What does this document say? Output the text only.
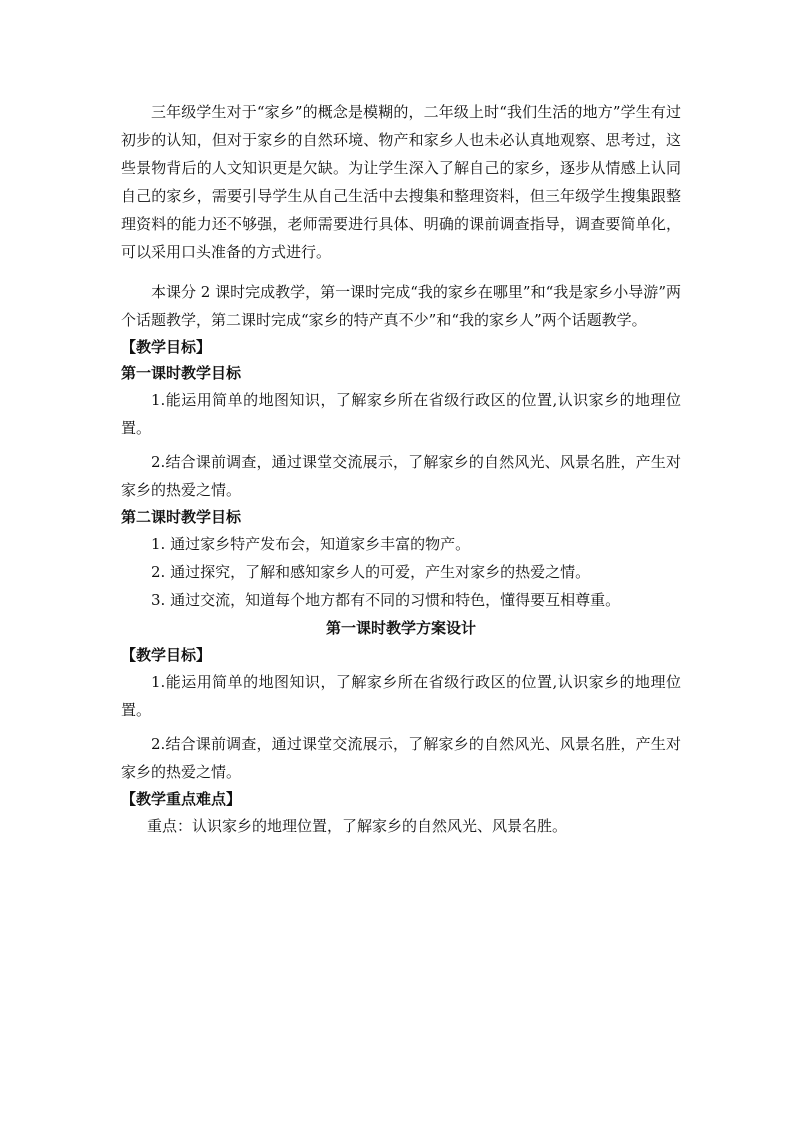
三年级学生对于“家乡”的概念是模糊的，二年级上时“我们生活的地方”学生有过初步的认知，但对于家乡的自然环境、物产和家乡人也未必认真地观察、思考过，这些景物背后的人文知识更是欠缺。为让学生深入了解自己的家乡，逐步从情感上认同自己的家乡，需要引导学生从自己生活中去搜集和整理资料，但三年级学生搜集跟整理资料的能力还不够强，老师需要进行具体、明确的课前调查指导，调查要简单化，可以采用口头准备的方式进行。

本课分 2 课时完成教学，第一课时完成“我的家乡在哪里”和“我是家乡小导游”两个话题教学，第二课时完成“家乡的特产真不少”和“我的家乡人”两个话题教学。

【教学目标】

第一课时教学目标

1.能运用简单的地图知识，了解家乡所在省级行政区的位置,认识家乡的地理位置。

2.结合课前调查，通过课堂交流展示，了解家乡的自然风光、风景名胜，产生对家乡的热爱之情。

第二课时教学目标

1. 通过家乡特产发布会，知道家乡丰富的物产。

2. 通过探究，了解和感知家乡人的可爱，产生对家乡的热爱之情。

3. 通过交流，知道每个地方都有不同的习惯和特色，懂得要互相尊重。

第一课时教学方案设计

【教学目标】

1.能运用简单的地图知识，了解家乡所在省级行政区的位置,认识家乡的地理位置。

2.结合课前调查，通过课堂交流展示，了解家乡的自然风光、风景名胜，产生对家乡的热爱之情。

【教学重点难点】

重点：认识家乡的地理位置，了解家乡的自然风光、风景名胜。
